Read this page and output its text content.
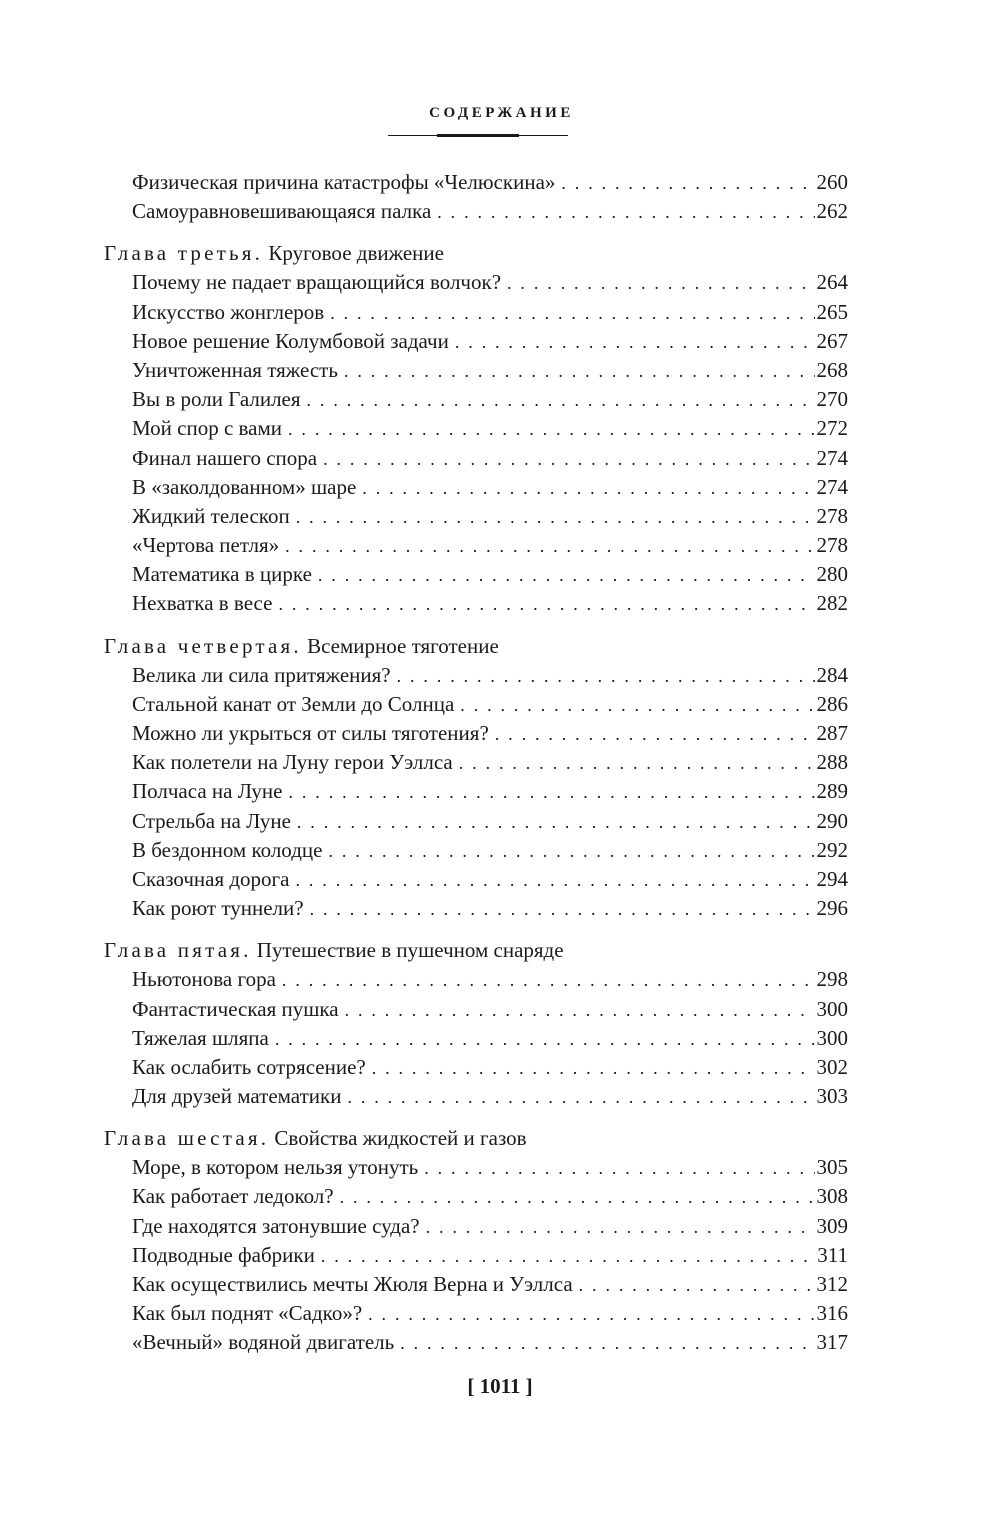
СОДЕРЖАНИЕ
Физическая причина катастрофы «Челюскина» . . .	260
Самоуравновешивающаяся палка . . .	262
Глава третья. Круговое движение
Почему не падает вращающийся волчок? . . .	264
Искусство жонглеров . . .	265
Новое решение Колумбовой задачи . . .	267
Уничтоженная тяжесть . . .	268
Вы в роли Галилея . . .	270
Мой спор с вами . . .	272
Финал нашего спора . . .	274
В «заколдованном» шаре . . .	274
Жидкий телескоп . . .	278
«Чертова петля» . . .	278
Математика в цирке . . .	280
Нехватка в весе . . .	282
Глава четвертая. Всемирное тяготение
Велика ли сила притяжения? . . .	284
Стальной канат от Земли до Солнца . . .	286
Можно ли укрыться от силы тяготения? . . .	287
Как полетели на Луну герои Уэллса . . .	288
Полчаса на Луне . . .	289
Стрельба на Луне . . .	290
В бездонном колодце . . .	292
Сказочная дорога . . .	294
Как роют туннели? . . .	296
Глава пятая. Путешествие в пушечном снаряде
Ньютонова гора . . .	298
Фантастическая пушка . . .	300
Тяжелая шляпа . . .	300
Как ослабить сотрясение? . . .	302
Для друзей математики . . .	303
Глава шестая. Свойства жидкостей и газов
Море, в котором нельзя утонуть . . .	305
Как работает ледокол? . . .	308
Где находятся затонувшие суда? . . .	309
Подводные фабрики . . .	311
Как осуществились мечты Жюля Верна и Уэллса . . .	312
Как был поднят «Садко»? . . .	316
«Вечный» водяной двигатель . . .	317
[ 1011 ]
